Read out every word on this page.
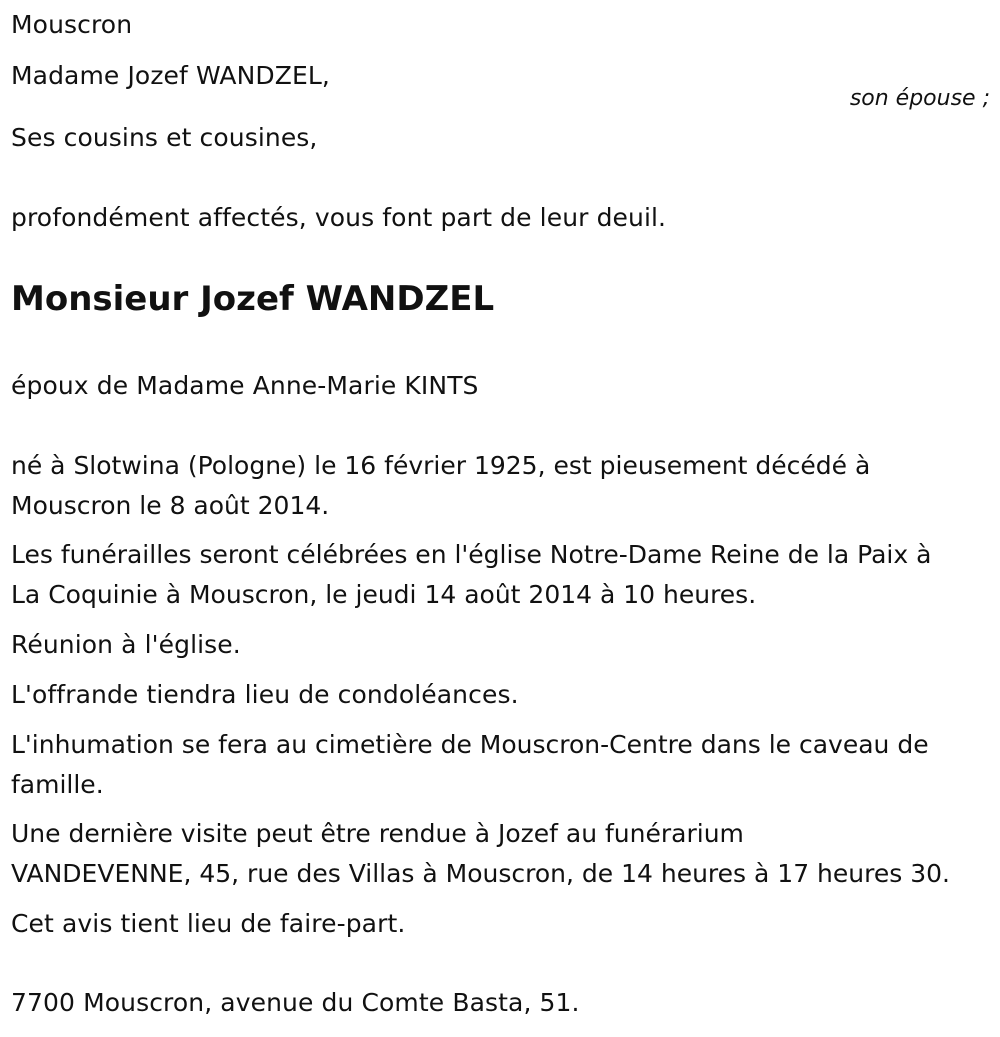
Mouscron
Madame Jozef WANDZEL,
son épouse ;
Ses cousins et cousines,
profondément affectés, vous font part de leur deuil.
Monsieur Jozef WANDZEL
époux de Madame Anne-Marie KINTS
né à Slotwina (Pologne) le 16 février 1925, est pieusement décédé à
Mouscron le 8 août 2014.
Les funérailles seront célébrées en l'église Notre-Dame Reine de la Paix à
La Coquinie à Mouscron, le jeudi 14 août 2014 à 10 heures.
Réunion à l'église.
L'offrande tiendra lieu de condoléances.
L'inhumation se fera au cimetière de Mouscron-Centre dans le caveau de
famille.
Une dernière visite peut être rendue à Jozef au funérarium
VANDEVENNE, 45, rue des Villas à Mouscron, de 14 heures à 17 heures 30.
Cet avis tient lieu de faire-part.
7700 Mouscron, avenue du Comte Basta, 51.
